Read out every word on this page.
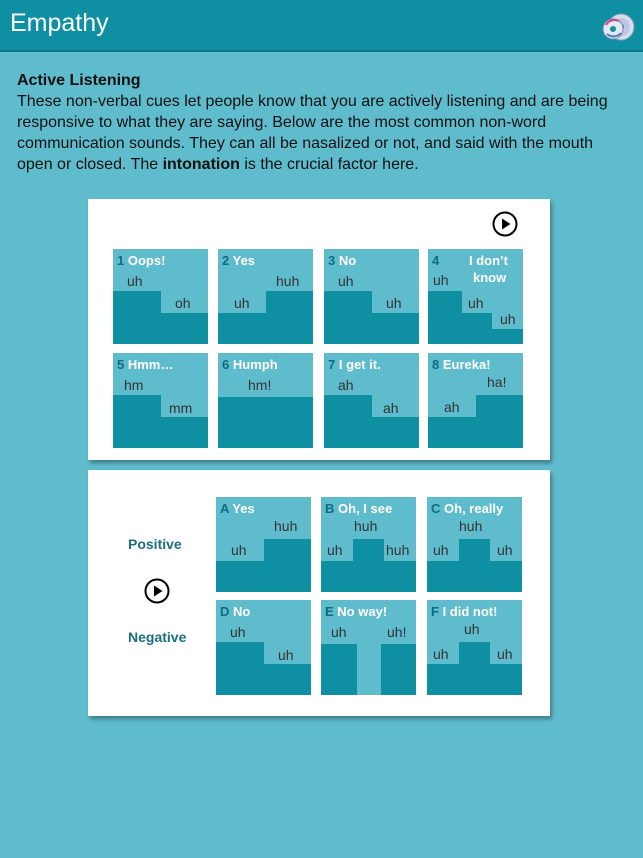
Empathy
Active Listening
These non-verbal cues let people know that you are actively listening and are being responsive to what they are saying. Below are the most common non-word communication sounds. They can all be nasalized or not, and said with the mouth open or closed. The intonation is the crucial factor here.
1 Oops!
uh
oh
2 Yes
huh
uh
3 No
uh
uh
4 I don’t
know
uh
uh
uh
5 Hmm…
hm
mm
6 Humph
hm!
7 I get it.
ah
ah
8 Eureka!
ha!
ah
Positive
Negative
A Yes
huh
uh
B Oh, I see
huh
uh	huh
C Oh, really
huh
uh	uh
D No
uh
uh
E No way!
uh	uh!
F I did not!
uh
uh	uh
